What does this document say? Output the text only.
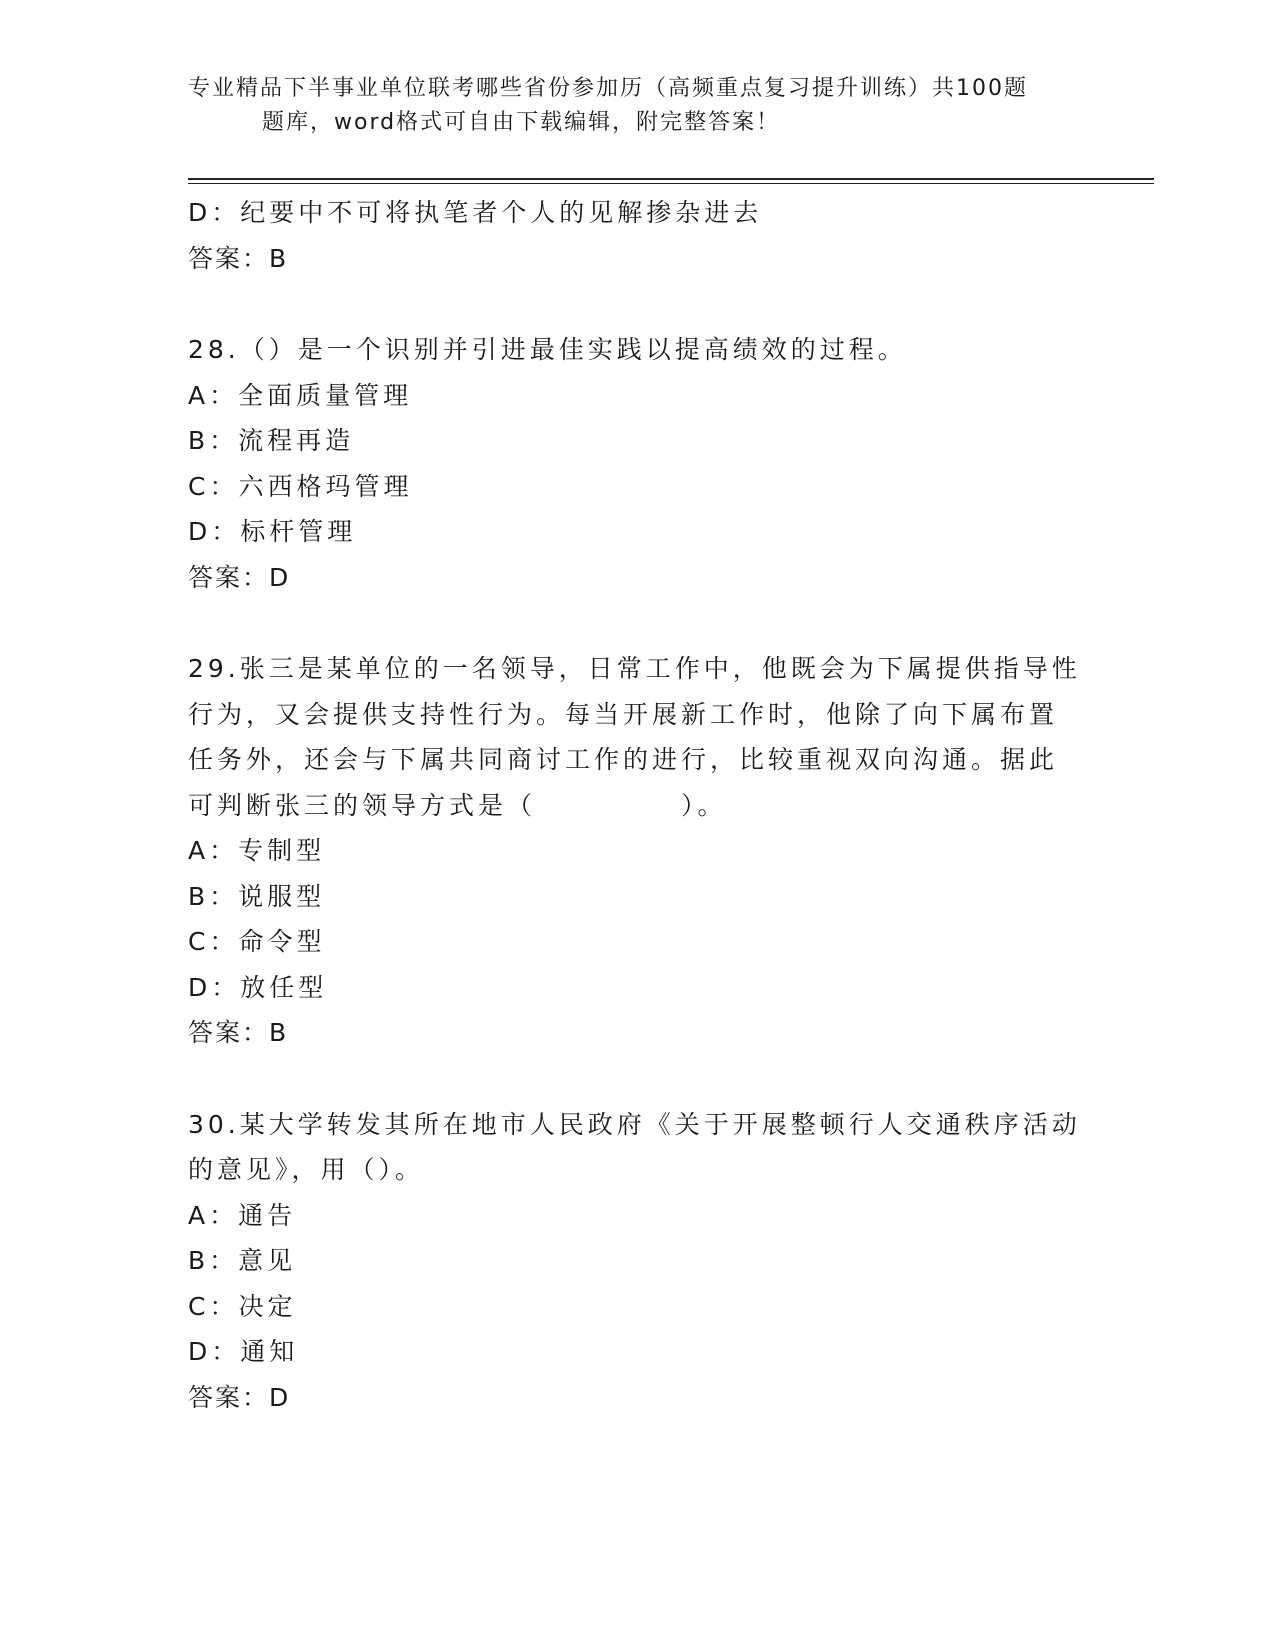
专业精品下半事业单位联考哪些省份参加历（高频重点复习提升训练）共100题
题库，word格式可自由下载编辑，附完整答案！
D：纪要中不可将执笔者个人的见解掺杂进去
答案：B
28.（）是一个识别并引进最佳实践以提高绩效的过程。
A：全面质量管理
B：流程再造
C：六西格玛管理
D：标杆管理
答案：D
29.张三是某单位的一名领导，日常工作中，他既会为下属提供指导性
行为，又会提供支持性行为。每当开展新工作时，他除了向下属布置
任务外，还会与下属共同商讨工作的进行，比较重视双向沟通。据此
可判断张三的领导方式是（　　　　　）。
A：专制型
B：说服型
C：命令型
D：放任型
答案：B
30.某大学转发其所在地市人民政府《关于开展整顿行人交通秩序活动
的意见》，用（）。
A：通告
B：意见
C：决定
D：通知
答案：D
